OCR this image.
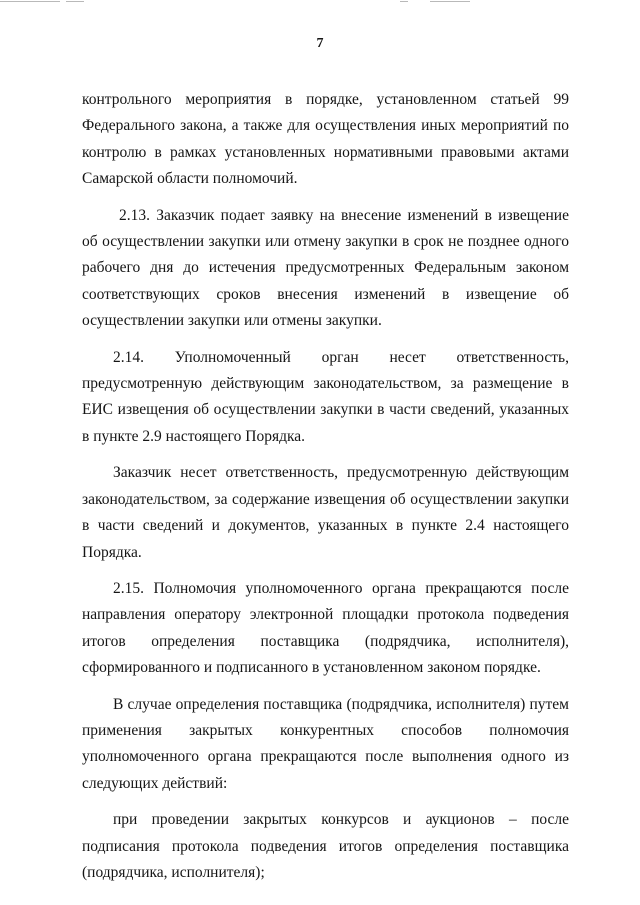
7

контрольного мероприятия в порядке, установленном статьей 99 Федерального закона, а также для осуществления иных мероприятий по контролю в рамках установленных нормативными правовыми актами Самарской области полномочий.

2.13. Заказчик подает заявку на внесение изменений в извещение об осуществлении закупки или отмену закупки в срок не позднее одного рабочего дня до истечения предусмотренных Федеральным законом соответствующих сроков внесения изменений в извещение об осуществлении закупки или отмены закупки.

2.14. Уполномоченный орган несет ответственность, предусмотренную действующим законодательством, за размещение в ЕИС извещения об осуществлении закупки в части сведений, указанных в пункте 2.9 настоящего Порядка.

Заказчик несет ответственность, предусмотренную действующим законодательством, за содержание извещения об осуществлении закупки в части сведений и документов, указанных в пункте 2.4 настоящего Порядка.

2.15. Полномочия уполномоченного органа прекращаются после направления оператору электронной площадки протокола подведения итогов определения поставщика (подрядчика, исполнителя), сформированного и подписанного в установленном законом порядке.

В случае определения поставщика (подрядчика, исполнителя) путем применения закрытых конкурентных способов полномочия уполномоченного органа прекращаются после выполнения одного из следующих действий:

при проведении закрытых конкурсов и аукционов – после подписания протокола подведения итогов определения поставщика (подрядчика, исполнителя);
